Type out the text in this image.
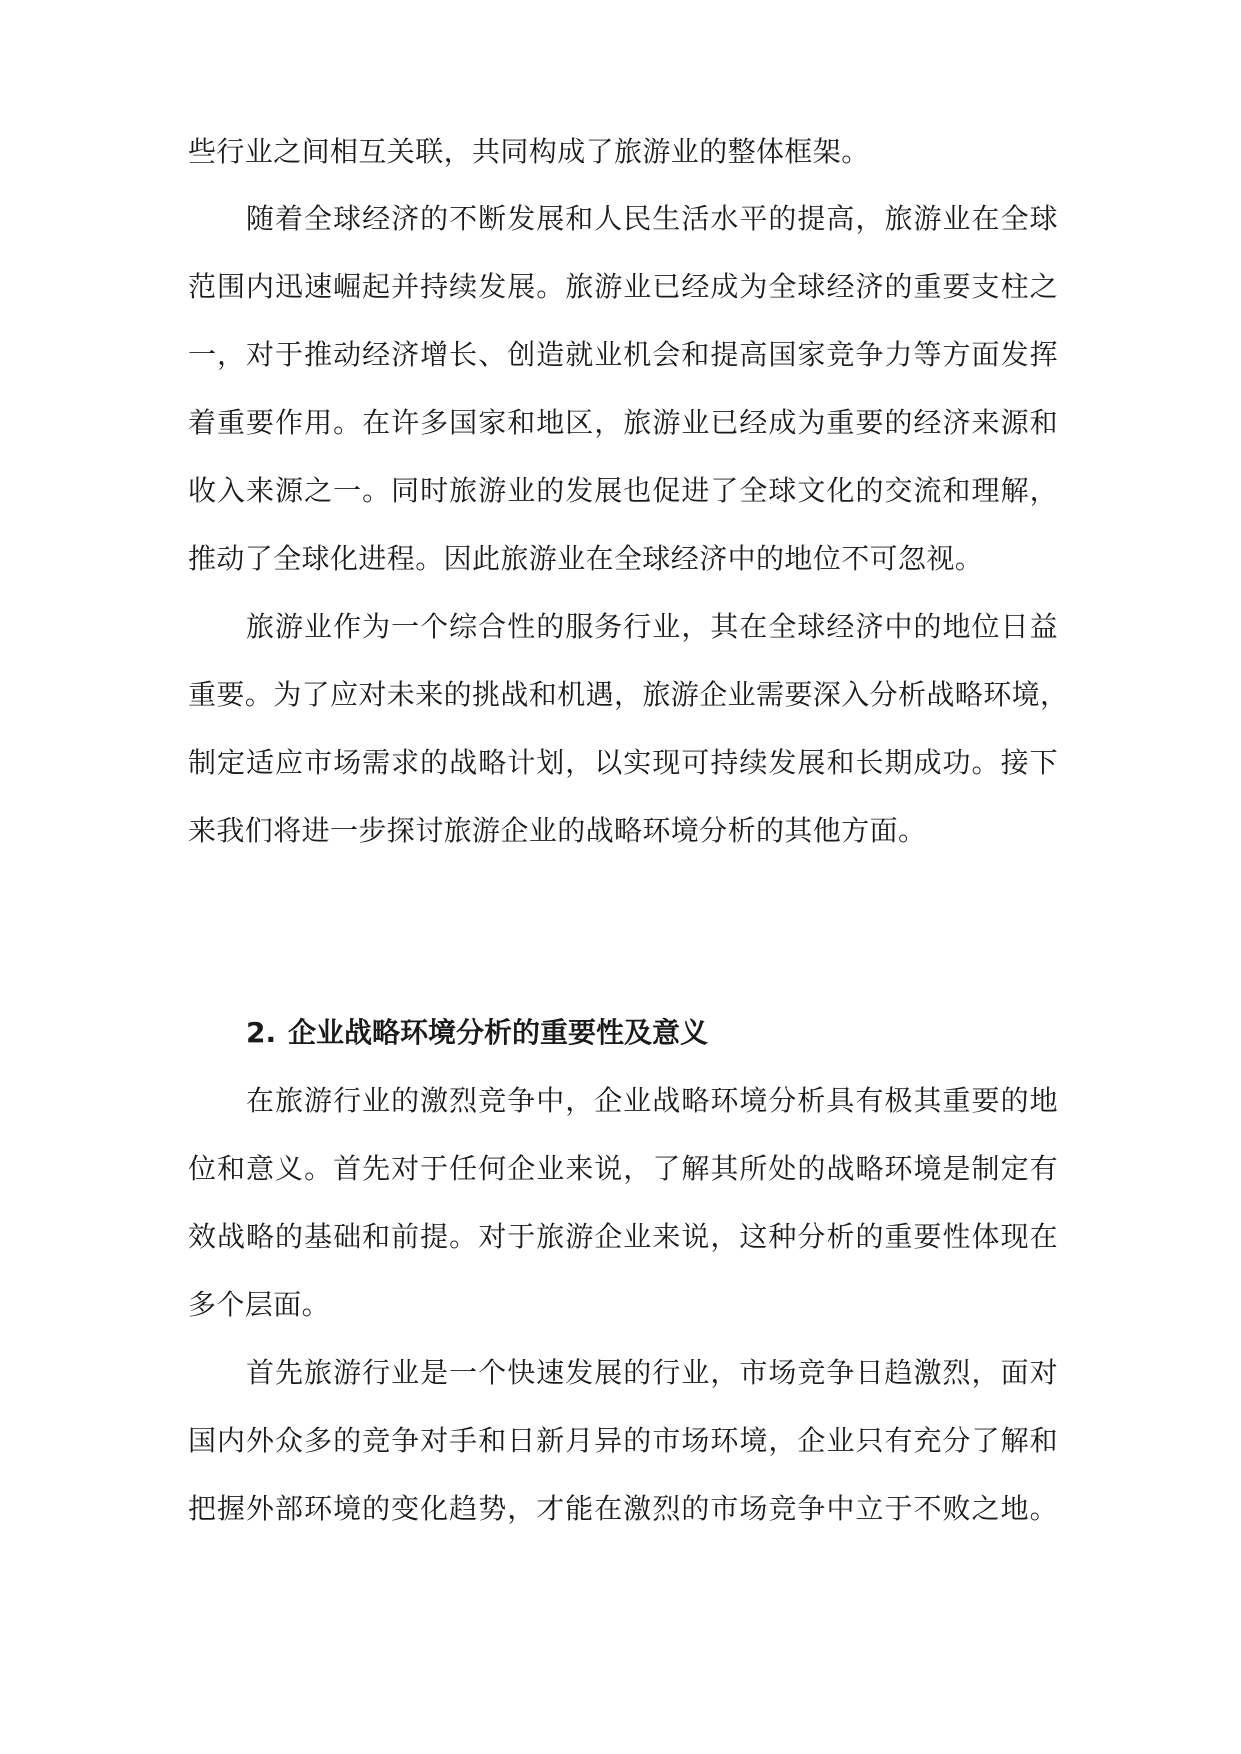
些行业之间相互关联，共同构成了旅游业的整体框架。
随着全球经济的不断发展和人民生活水平的提高，旅游业在全球
范围内迅速崛起并持续发展。旅游业已经成为全球经济的重要支柱之
一，对于推动经济增长、创造就业机会和提高国家竞争力等方面发挥
着重要作用。在许多国家和地区，旅游业已经成为重要的经济来源和
收入来源之一。同时旅游业的发展也促进了全球文化的交流和理解，
推动了全球化进程。因此旅游业在全球经济中的地位不可忽视。
旅游业作为一个综合性的服务行业，其在全球经济中的地位日益
重要。为了应对未来的挑战和机遇，旅游企业需要深入分析战略环境，
制定适应市场需求的战略计划，以实现可持续发展和长期成功。接下
来我们将进一步探讨旅游企业的战略环境分析的其他方面。
2. 企业战略环境分析的重要性及意义
在旅游行业的激烈竞争中，企业战略环境分析具有极其重要的地
位和意义。首先对于任何企业来说，了解其所处的战略环境是制定有
效战略的基础和前提。对于旅游企业来说，这种分析的重要性体现在
多个层面。
首先旅游行业是一个快速发展的行业，市场竞争日趋激烈，面对
国内外众多的竞争对手和日新月异的市场环境，企业只有充分了解和
把握外部环境的变化趋势，才能在激烈的市场竞争中立于不败之地。
